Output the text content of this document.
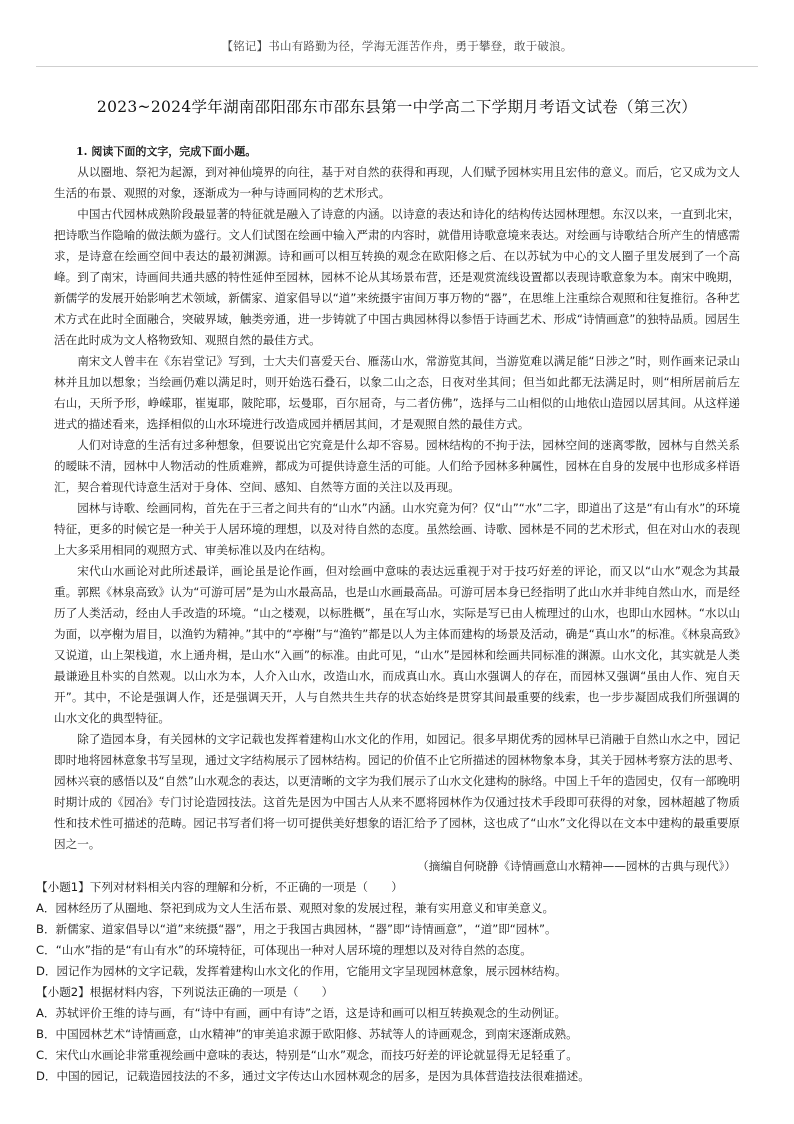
【铭记】书山有路勤为径，学海无涯苦作舟，勇于攀登，敢于破浪。
2023~2024学年湖南邵阳邵东市邵东县第一中学高二下学期月考语文试卷（第三次）

1. 阅读下面的文字，完成下面小题。

从以圈地、祭祀为起源，到对神仙境界的向往，基于对自然的获得和再现，人们赋予园林实用且宏伟的意义。而后，它又成为文人生活的布景、观照的对象，逐渐成为一种与诗画同构的艺术形式。

中国古代园林成熟阶段最显著的特征就是融入了诗意的内涵。以诗意的表达和诗化的结构传达园林理想。东汉以来，一直到北宋，把诗歌当作隐喻的做法颇为盛行。文人们试图在绘画中输入严肃的内容时，就借用诗歌意境来表达。对绘画与诗歌结合所产生的情感需求，是诗意在绘画空间中表达的最初渊源。诗和画可以相互转换的观念在欧阳修之后、在以苏轼为中心的文人圈子里发展到了一个高峰。到了南宋，诗画间共通共感的特性延伸至园林，园林不论从其场景布营，还是观赏流线设置都以表现诗歌意象为本。南宋中晚期，新儒学的发展开始影响艺术领域，新儒家、道家倡导以“道”来统摄宇宙间万事万物的“器”，在思维上注重综合观照和往复推衍。各种艺术方式在此时全面融合，突破界域，触类旁通，进一步铸就了中国古典园林得以参悟于诗画艺术、形成“诗情画意”的独特品质。园居生活在此时成为文人格物致知、观照自然的最佳方式。

南宋文人曾丰在《东岩堂记》写到，士大夫们喜爱天台、雁荡山水，常游览其间，当游览难以满足能“日涉之”时，则作画来记录山林并且加以想象；当绘画仍难以满足时，则开始选石叠石，以象二山之态，日夜对坐其间；但当如此都无法满足时，则“相所居前后左右山，天所予形，峥嵘耶，崔嵬耶，陂陀耶，坛曼耶，百尔屈奇，与二者仿佛”，选择与二山相似的山地依山造园以居其间。从这样递进式的描述看来，选择相似的山水环境进行改造成园并栖居其间，才是观照自然的最佳方式。

人们对诗意的生活有过多种想象，但要说出它究竟是什么却不容易。园林结构的不拘于法，园林空间的迷离零散，园林与自然关系的暧昧不清，园林中人物活动的性质难辨，都成为可提供诗意生活的可能。人们给予园林多种属性，园林在自身的发展中也形成多样语汇，契合着现代诗意生活对于身体、空间、感知、自然等方面的关注以及再现。

园林与诗歌、绘画同构，首先在于三者之间共有的“山水”内涵。山水究竟为何？仅“山”“水”二字，即道出了这是“有山有水”的环境特征，更多的时候它是一种关于人居环境的理想，以及对待自然的态度。虽然绘画、诗歌、园林是不同的艺术形式，但在对山水的表现上大多采用相同的观照方式、审美标准以及内在结构。

宋代山水画论对此所述最详，画论虽是论作画，但对绘画中意味的表达远重视于对于技巧好差的评论，而又以“山水”观念为其最重。郭熙《林泉高致》认为“可游可居”是为山水最高品，也是山水画最高品。可游可居本身已经指明了此山水并非纯自然山水，而是经历了人类活动，经由人手改造的环境。“山之楼观，以标胜概”，虽在写山水，实际是写已由人梳理过的山水，也即山水园林。“水以山为面，以亭榭为眉目，以渔钓为精神。”其中的“亭榭”与“渔钓”都是以人为主体而建构的场景及活动，确是“真山水”的标准。《林泉高致》又说道，山上架栈道，水上通舟楫，是山水“入画”的标准。由此可见，“山水”是园林和绘画共同标准的渊源。山水文化，其实就是人类最谦逊且朴实的自然观。以山水为本，人介入山水，改造山水，而成真山水。真山水强调人的存在，而园林又强调“虽由人作、宛自天开”。其中，不论是强调人作，还是强调天开，人与自然共生共存的状态始终是贯穿其间最重要的线索，也一步步凝固成我们所强调的山水文化的典型特征。

除了造园本身，有关园林的文字记载也发挥着建构山水文化的作用，如园记。很多早期优秀的园林早已消融于自然山水之中，园记即时地将园林意象书写呈现，通过文字结构展示了园林结构。园记的价值不止它所描述的园林物象本身，其关于园林考察方法的思考、园林兴衰的感悟以及“自然”山水观念的表达，以更清晰的文字为我们展示了山水文化建构的脉络。中国上千年的造园史，仅有一部晚明时期计成的《园冶》专门讨论造园技法。这首先是因为中国古人从来不愿将园林作为仅通过技术手段即可获得的对象，园林超越了物质性和技术性可描述的范畴。园记书写者们将一切可提供美好想象的语汇给予了园林，这也成了“山水”文化得以在文本中建构的最重要原因之一。

（摘编自何晓静《诗情画意山水精神——园林的古典与现代》）

【小题1】下列对材料相关内容的理解和分析，不正确的一项是（　　）

A．园林经历了从圈地、祭祀到成为文人生活布景、观照对象的发展过程，兼有实用意义和审美意义。

B．新儒家、道家倡导以“道”来统摄“器”，用之于我国古典园林，“器”即“诗情画意”，“道”即“园林”。

C．“山水”指的是“有山有水”的环境特征，可体现出一种对人居环境的理想以及对待自然的态度。

D．园记作为园林的文字记载，发挥着建构山水文化的作用，它能用文字呈现园林意象，展示园林结构。

【小题2】根据材料内容，下列说法正确的一项是（　　）

A．苏轼评价王维的诗与画，有“诗中有画，画中有诗”之语，这是诗和画可以相互转换观念的生动例证。

B．中国园林艺术“诗情画意，山水精神”的审美追求源于欧阳修、苏轼等人的诗画观念，到南宋逐渐成熟。

C．宋代山水画论非常重视绘画中意味的表达，特别是“山水”观念，而技巧好差的评论就显得无足轻重了。

D．中国的园记，记载造园技法的不多，通过文字传达山水园林观念的居多，是因为具体营造技法很难描述。
